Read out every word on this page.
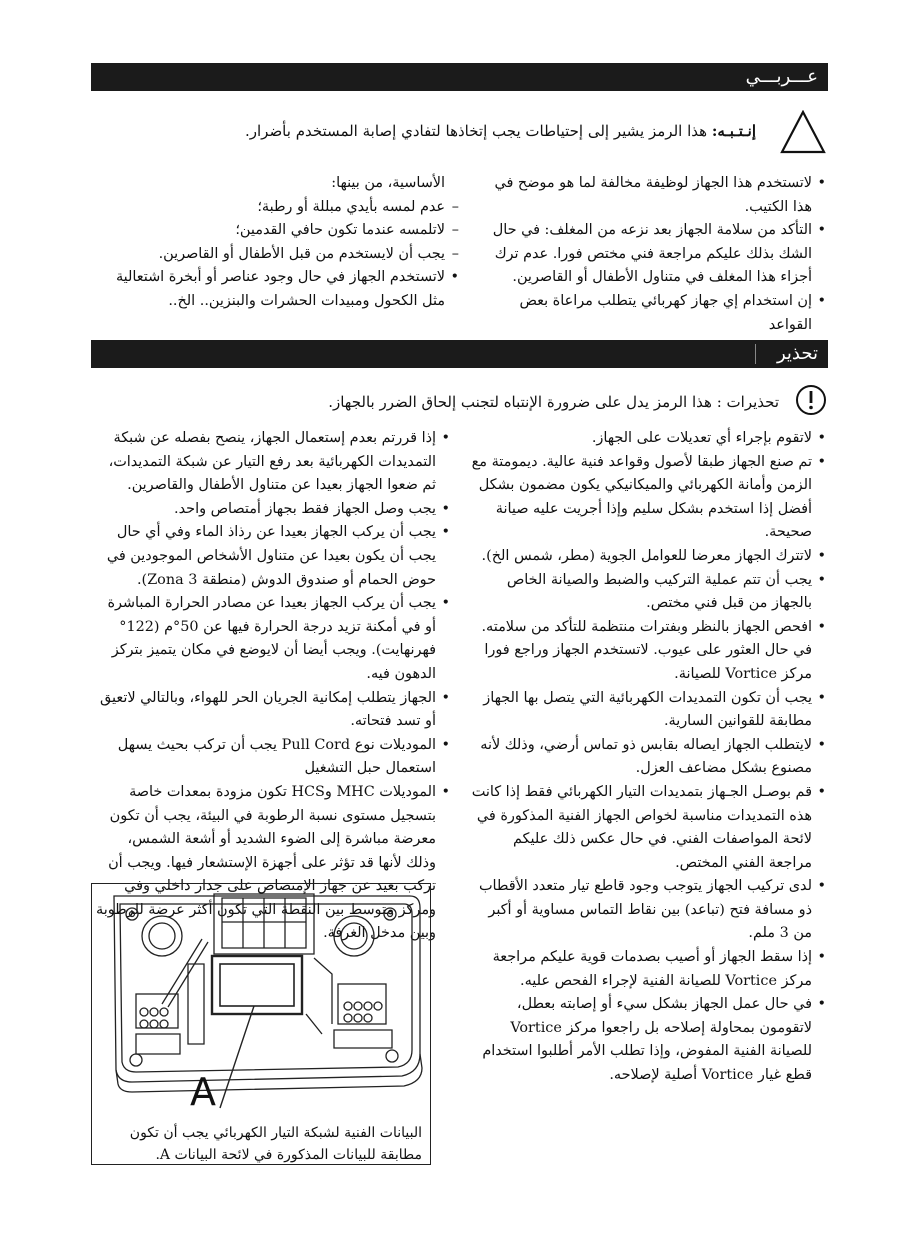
عـــربـــي
إنـتـبـه: هذا الرمز يشير إلى إحتياطات يجب إتخاذها لتفادي إصابة المستخدم بأضرار.
• لاتستخدم هذا الجهاز لوظيفة مخالفة لما هو موضح في هذا الكتيب.
• التأكد من سلامة الجهاز بعد نزعه من المغلف: في حال الشك بذلك عليكم مراجعة فني مختص فورا. عدم ترك أجزاء هذا المغلف في متناول الأطفال أو القاصرين.
• إن استخدام إي جهاز كهربائي يتطلب مراعاة بعض القواعد
الأساسية، من بينها:
– عدم لمسه بأيدي مبللة أو رطبة؛
– لاتلمسه عندما تكون حافي القدمين؛
– يجب أن لايستخدم من قبل الأطفال أو القاصرين.
• لاتستخدم الجهاز في حال وجود عناصر أو أبخرة اشتعالية مثل الكحول ومبيدات الحشرات والبنزين.. الخ..
تحذير
تحذيرات : هذا الرمز يدل على ضرورة الإنتباه لتجنب إلحاق الضرر بالجهاز.
• لاتقوم بإجراء أي تعديلات على الجهاز.
• تم صنع الجهاز طبقا لأصول وقواعد فنية عالية. ديمومتة مع الزمن وأمانة الكهربائي والميكانيكي يكون مضمون بشكل أفضل إذا استخدم بشكل سليم وإذا أجريت عليه صيانة صحيحة.
• لاتترك الجهاز معرضا للعوامل الجوية (مطر، شمس الخ).
• يجب أن تتم عملية التركيب والضبط والصيانة الخاص بالجهاز من قبل فني مختص.
• افحص الجهاز بالنظر وبفترات منتظمة للتأكد من سلامته. في حال العثور على عيوب. لاتستخدم الجهاز وراجع فورا مركز Vortice للصيانة.
• يجب أن تكون التمديدات الكهربائية التي يتصل بها الجهاز مطابقة للقوانين السارية.
• لايتطلب الجهاز ايصاله بقابس ذو تماس أرضي، وذلك لأنه مصنوع بشكل مضاعف العزل.
• قم بوصـل الجـهاز بتمديدات التيار الكهربائي فقط إذا كانت هذه التمديدات مناسبة لخواص الجهاز الفنية المذكورة في لائحة المواصفات الفني. في حال عكس ذلك عليكم مراجعة الفني المختص.
• لدى تركيب الجهاز يتوجب وجود قاطع تيار متعدد الأقطاب ذو مسافة فتح (تباعد) بين نقاط التماس مساوية أو أكبر من 3 ملم.
• إذا سقط الجهاز أو أصيب بصدمات قوية عليكم مراجعة مركز Vortice للصيانة الفنية لإجراء الفحص عليه.
• في حال عمل الجهاز بشكل سيء أو إصابته بعطل، لاتقومون بمحاولة إصلاحه بل راجعوا مركز Vortice للصيانة الفنية المفوض، وإذا تطلب الأمر أطلبوا استخدام قطع غيار Vortice أصلية لإصلاحه.
• إذا قررتم بعدم إستعمال الجهاز، ينصح بفصله عن شبكة التمديدات الكهربائية بعد رفع التيار عن شبكة التمديدات، ثم ضعوا الجهاز بعيدا عن متناول الأطفال والقاصرين.
• يجب وصل الجهاز فقط بجهاز أمتصاص واحد.
• يجب أن يركب الجهاز بعيدا عن رذاذ الماء وفي أي حال يجب أن يكون بعيدا عن متناول الأشخاص الموجودين في حوض الحمام أو صندوق الدوش (منطقة 3 Zona).
• يجب أن يركب الجهاز بعيدا عن مصادر الحرارة المباشرة أو في أمكنة تزيد درجة الحرارة فيها عن 50°م (122° فهرنهايت). ويجب أيضا أن لايوضع في مكان يتميز بتركز الدهون فيه.
• الجهاز يتطلب إمكانية الجريان الحر للهواء، وبالتالي لاتعيق أو تسد فتحاته.
• الموديلات نوع Pull Cord يجب أن تركب بحيث يسهل استعمال حبل التشغيل
• الموديلات MHC وHCS تكون مزودة بمعدات خاصة بتسجيل مستوى نسبة الرطوبة في البيئة، يجب أن تكون معرضة مباشرة إلى الضوء الشديد أو أشعة الشمس، وذلك لأنها قد تؤثر على أجهزة الإستشعار فيها. ويجب أن تركب بعيد عن جهاز الإمتصاص على جدار داخلي وفي ومركز متوسط بين النقطة التي تكون أكثر عرضة للرطوبة وبين مدخل الغرفة.
A
البيانات الفنية لشبكة التيار الكهربائي يجب أن تكون مطابقة للبيانات المذكورة في لائحة البيانات A.
